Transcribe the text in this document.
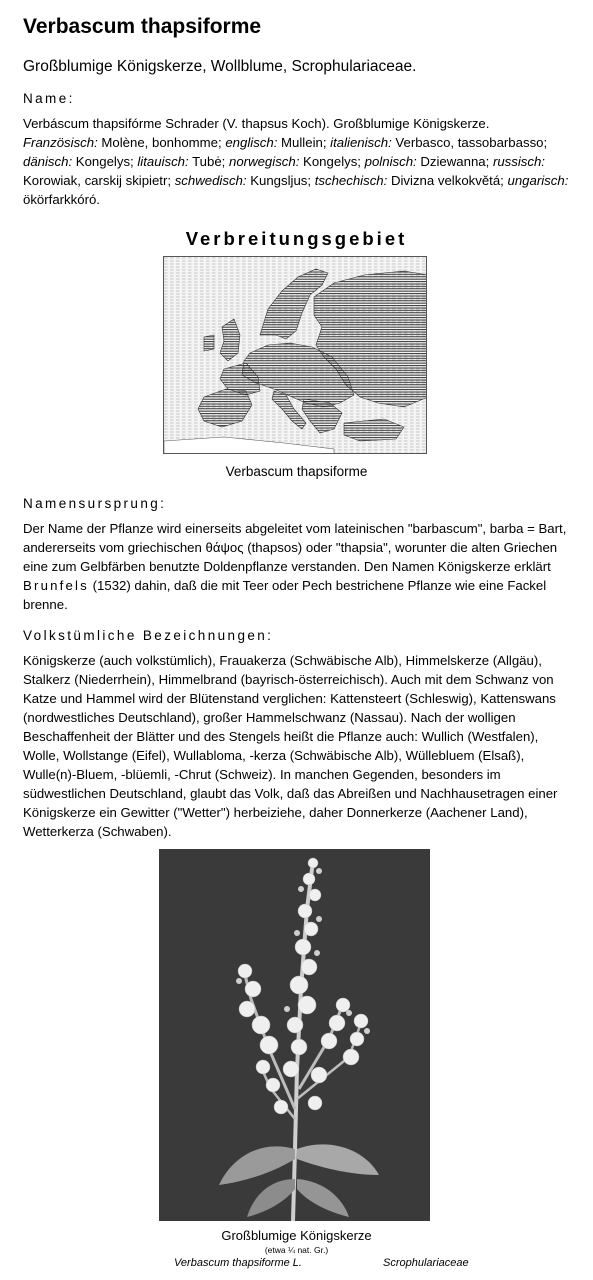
Verbascum thapsiforme

Großblumige Königskerze, Wollblume, Scrophulariaceae.

Name:

Verbáscum thapsifórme Schrader (V. thapsus Koch). Großblumige Königskerze.
Französisch: Molène, bonhomme; englisch: Mullein; italienisch: Verbasco, tassobarbasso; dänisch: Kongelys; litauisch: Tubė; norwegisch: Kongelys; polnisch: Dziewanna; russisch: Korowiak, carskij skipietr; schwedisch: Kungsljus; tschechisch: Divizna velkokvětá; ungarisch: ökörfarkkóró.

Verbreitungsgebiet

Verbascum thapsiforme

Namensursprung:

Der Name der Pflanze wird einerseits abgeleitet vom lateinischen "barbascum", barba = Bart, andererseits vom griechischen θάψος (thapsos) oder "thapsia", worunter die alten Griechen eine zum Gelbfärben benutzte Doldenpflanze verstanden. Den Namen Königskerze erklärt Brunfels (1532) dahin, daß die mit Teer oder Pech bestrichene Pflanze wie eine Fackel brenne.

Volkstümliche Bezeichnungen:

Königskerze (auch volkstümlich), Frauakerza (Schwäbische Alb), Himmelskerze (Allgäu), Stalkerz (Niederrhein), Himmelbrand (bayrisch-österreichisch). Auch mit dem Schwanz von Katze und Hammel wird der Blütenstand verglichen: Kattensteert (Schleswig), Kattenswans (nordwestliches Deutschland), großer Hammelschwanz (Nassau). Nach der wolligen Beschaffenheit der Blätter und des Stengels heißt die Pflanze auch: Wullich (Westfalen), Wolle, Wollstange (Eifel), Wullabloma, -kerza (Schwäbische Alb), Wüllebluem (Elsaß), Wulle(n)-Bluem, -blüemli, -Chrut (Schweiz). In manchen Gegenden, besonders im südwestlichen Deutschland, glaubt das Volk, daß das Abreißen und Nachhausetragen einer Königskerze ein Gewitter ("Wetter") herbeiziehe, daher Donnerkerze (Aachener Land), Wetterkerza (Schwaben).

Großblumige Königskerze

(etwa ¼ nat. Gr.)

Verbascum thapsiforme L.	Scrophulariaceae
